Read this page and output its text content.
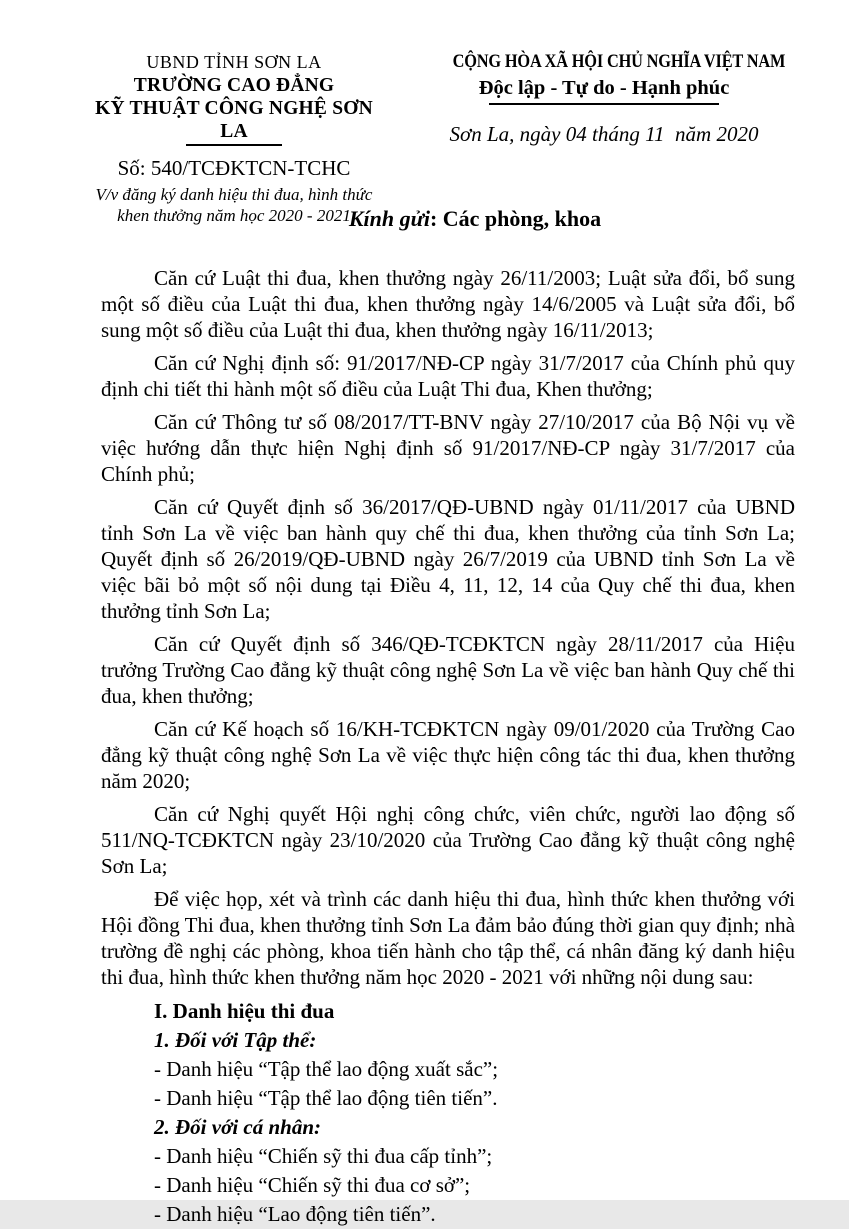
UBND TỈNH SƠN LA
TRƯỜNG CAO ĐẲNG
KỸ THUẬT CÔNG NGHỆ SƠN LA
Số: 540/TCĐKTCN-TCHC
V/v đăng ký danh hiệu thi đua, hình thức
khen thưởng năm học 2020 - 2021
CỘNG HÒA XÃ HỘI CHỦ NGHĨA VIỆT NAM
Độc lập - Tự do - Hạnh phúc
Sơn La, ngày 04 tháng 11  năm 2020
Kính gửi: Các phòng, khoa

Căn cứ Luật thi đua, khen thưởng ngày 26/11/2003; Luật sửa đổi, bổ sung một số điều của Luật thi đua, khen thưởng ngày 14/6/2005 và Luật sửa đổi, bổ sung một số điều của Luật thi đua, khen thưởng ngày 16/11/2013;

Căn cứ Nghị định số: 91/2017/NĐ-CP ngày 31/7/2017 của Chính phủ quy định chi tiết thi hành một số điều của Luật Thi đua, Khen thưởng;

Căn cứ Thông tư số 08/2017/TT-BNV ngày 27/10/2017 của Bộ Nội vụ về việc hướng dẫn thực hiện Nghị định số 91/2017/NĐ-CP ngày 31/7/2017 của Chính phủ;

Căn cứ Quyết định số 36/2017/QĐ-UBND ngày 01/11/2017 của UBND tỉnh Sơn La về việc ban hành quy chế thi đua, khen thưởng của tỉnh Sơn La; Quyết định số 26/2019/QĐ-UBND ngày 26/7/2019 của UBND tỉnh Sơn La về việc bãi bỏ một số nội dung tại Điều 4, 11, 12, 14 của Quy chế thi đua, khen thưởng tỉnh Sơn La;

Căn cứ Quyết định số 346/QĐ-TCĐKTCN ngày 28/11/2017 của Hiệu trưởng Trường Cao đẳng kỹ thuật công nghệ Sơn La về việc ban hành Quy chế thi đua, khen thưởng;

Căn cứ Kế hoạch số 16/KH-TCĐKTCN ngày 09/01/2020 của Trường Cao đẳng kỹ thuật công nghệ Sơn La về việc thực hiện công tác thi đua, khen thưởng năm 2020;

Căn cứ Nghị quyết Hội nghị công chức, viên chức, người lao động số 511/NQ-TCĐKTCN ngày 23/10/2020 của Trường Cao đẳng kỹ thuật công nghệ Sơn La;

Để việc họp, xét và trình các danh hiệu thi đua, hình thức khen thưởng với Hội đồng Thi đua, khen thưởng tỉnh Sơn La đảm bảo đúng thời gian quy định; nhà trường đề nghị các phòng, khoa tiến hành cho tập thể, cá nhân đăng ký danh hiệu thi đua, hình thức khen thưởng năm học 2020 - 2021 với những nội dung sau:

I. Danh hiệu thi đua
1. Đối với Tập thể:
- Danh hiệu “Tập thể lao động xuất sắc”;
- Danh hiệu “Tập thể lao động tiên tiến”.
2. Đối với cá nhân:
- Danh hiệu “Chiến sỹ thi đua cấp tỉnh”;
- Danh hiệu “Chiến sỹ thi đua cơ sở”;
- Danh hiệu “Lao động tiên tiến”.
